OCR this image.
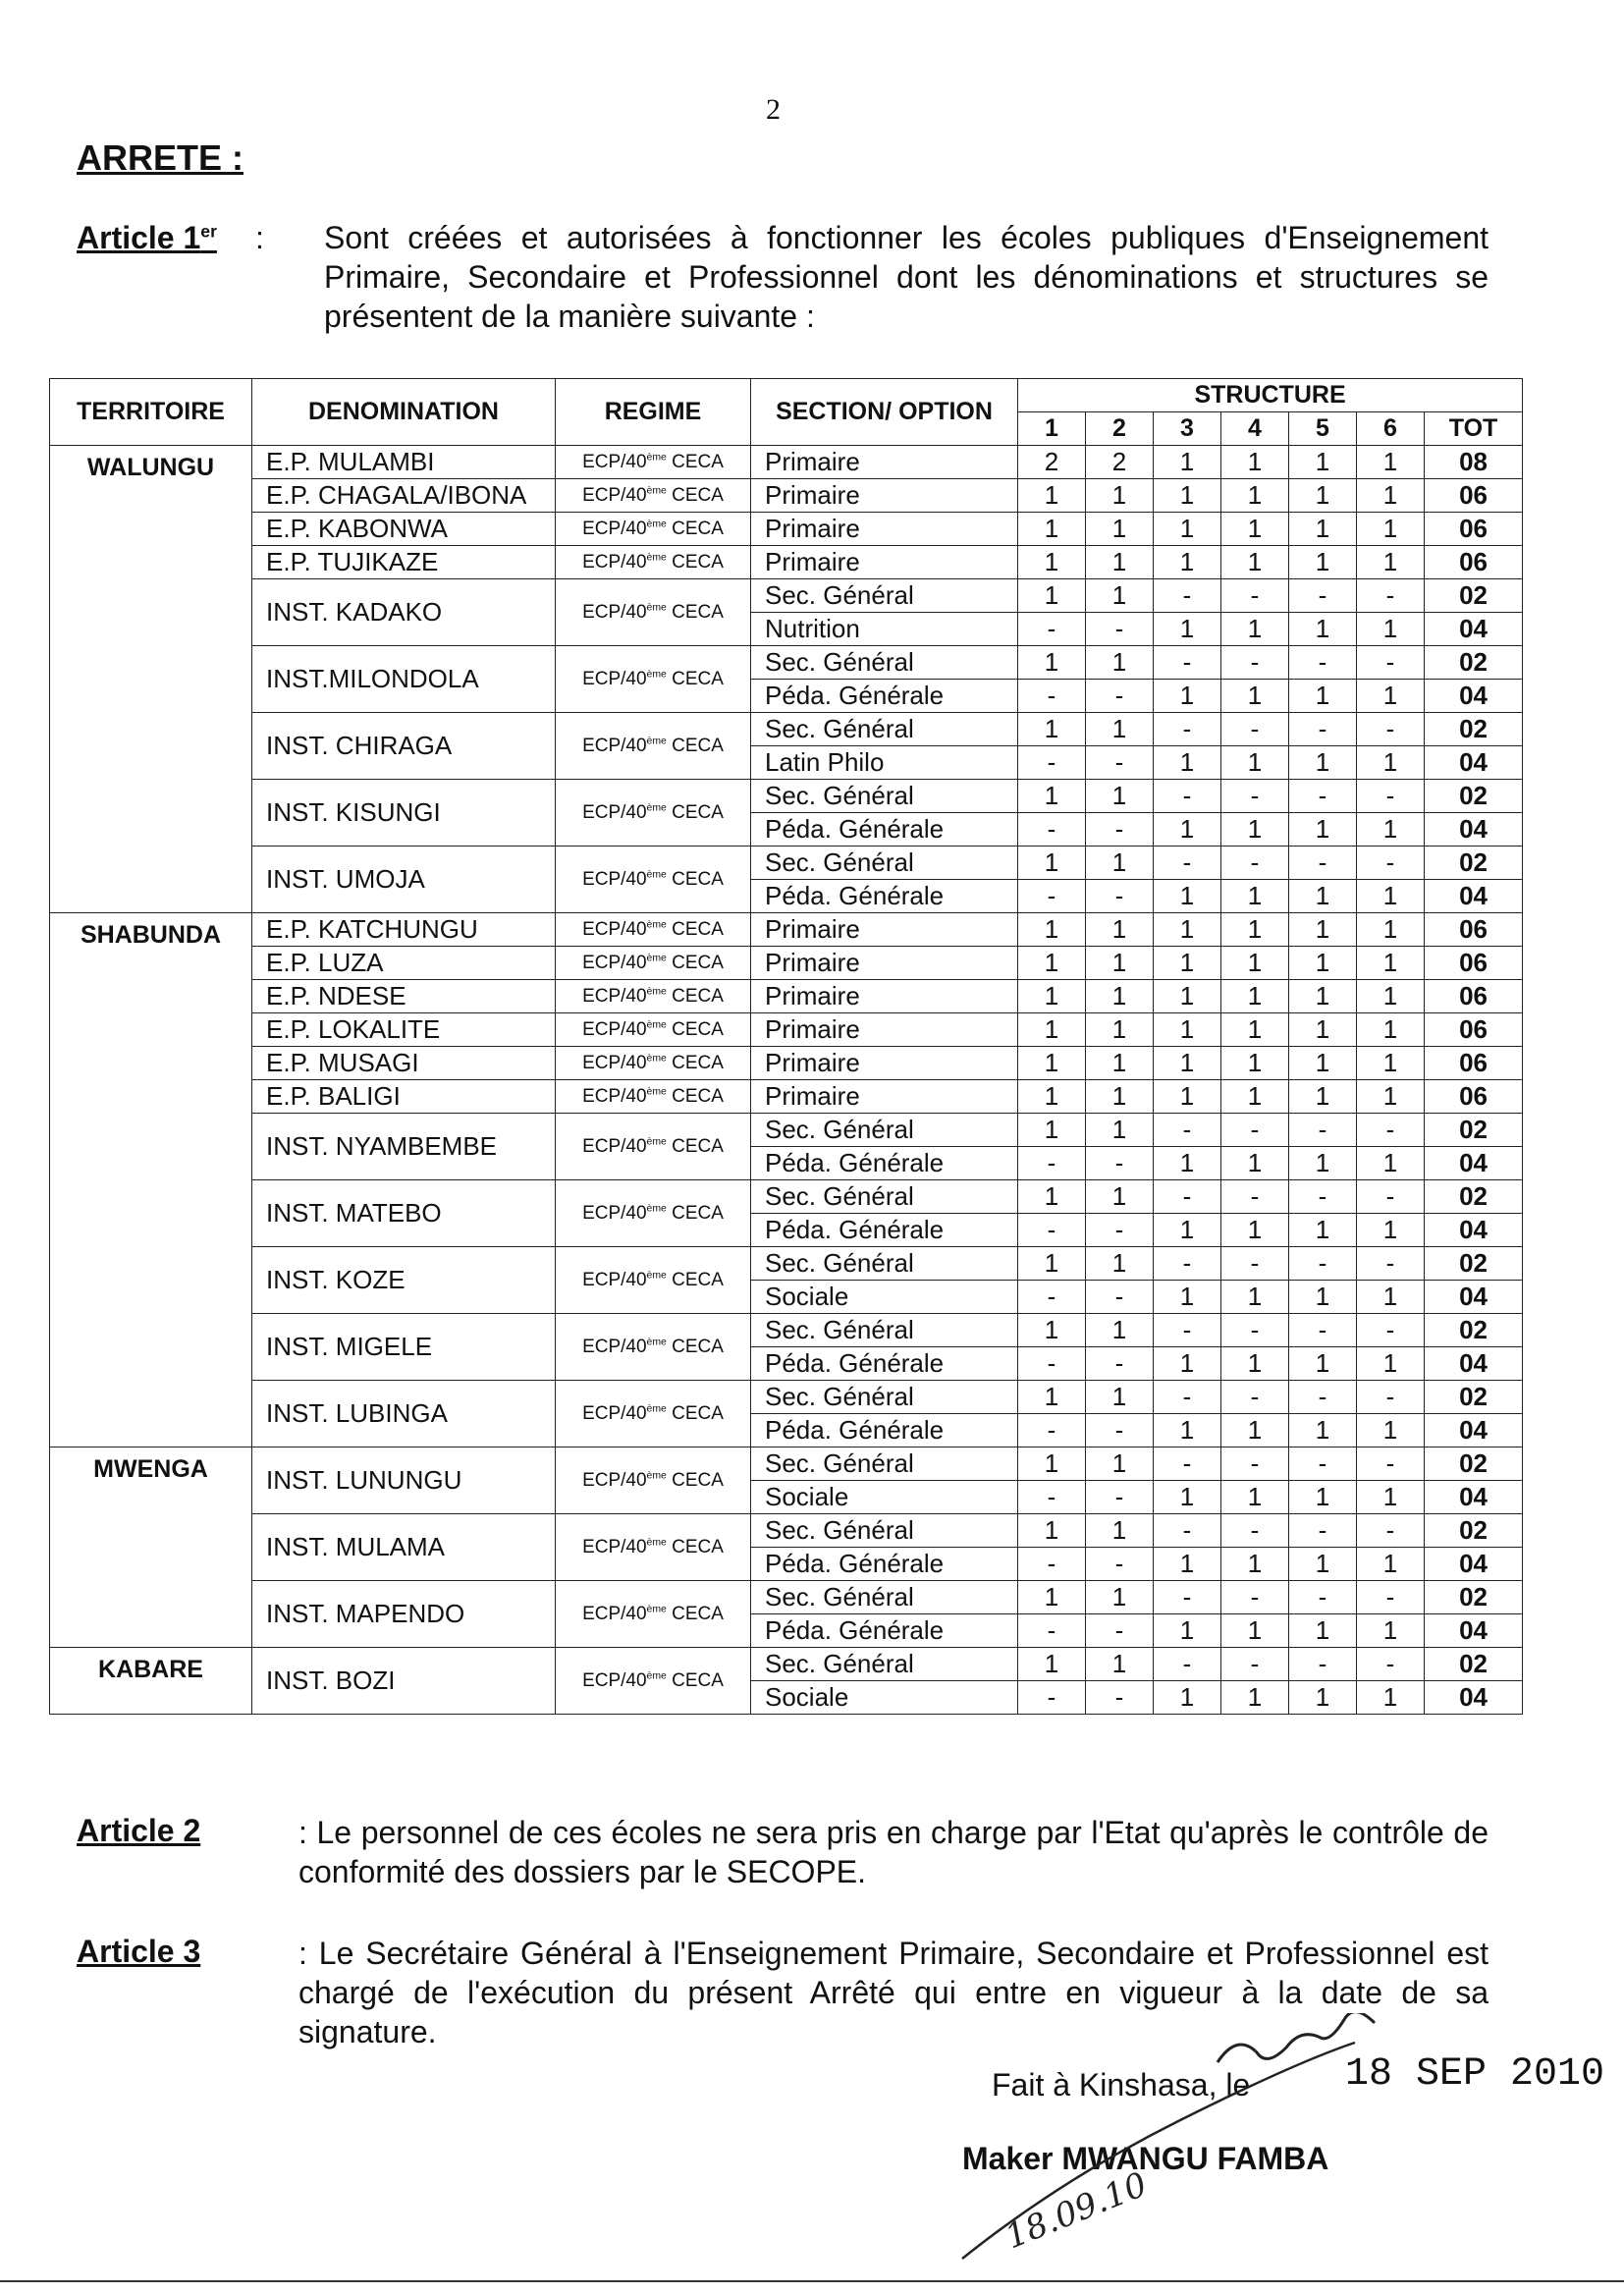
2
ARRETE :
Article 1er : Sont créées et autorisées à fonctionner les écoles publiques d'Enseignement Primaire, Secondaire et Professionnel dont les dénominations et structures se présentent de la manière suivante :
TERRITOIRE	DENOMINATION	REGIME	SECTION/ OPTION	STRUCTURE						
				1	2	3	4	5	6	TOT

WALUNGU	E.P. MULAMBI	ECP/40ème CECA	Primaire	2	2	1	1	1	1	08
	E.P. CHAGALA/IBONA	ECP/40ème CECA	Primaire	1	1	1	1	1	1	06
	E.P. KABONWA	ECP/40ème CECA	Primaire	1	1	1	1	1	1	06
	E.P. TUJIKAZE	ECP/40ème CECA	Primaire	1	1	1	1	1	1	06
	INST. KADAKO	ECP/40ème CECA	Sec. Général	1	1	-	-	-	-	02
			Nutrition	-	-	1	1	1	1	04
	INST.MILONDOLA	ECP/40ème CECA	Sec. Général	1	1	-	-	-	-	02
			Péda. Générale	-	-	1	1	1	1	04
	INST. CHIRAGA	ECP/40ème CECA	Sec. Général	1	1	-	-	-	-	02
			Latin Philo	-	-	1	1	1	1	04
	INST. KISUNGI	ECP/40ème CECA	Sec. Général	1	1	-	-	-	-	02
			Péda. Générale	-	-	1	1	1	1	04
	INST. UMOJA	ECP/40ème CECA	Sec. Général	1	1	-	-	-	-	02
			Péda. Générale	-	-	1	1	1	1	04

SHABUNDA	E.P. KATCHUNGU	ECP/40ème CECA	Primaire	1	1	1	1	1	1	06
	E.P. LUZA	ECP/40ème CECA	Primaire	1	1	1	1	1	1	06
	E.P. NDESE	ECP/40ème CECA	Primaire	1	1	1	1	1	1	06
	E.P. LOKALITE	ECP/40ème CECA	Primaire	1	1	1	1	1	1	06
	E.P. MUSAGI	ECP/40ème CECA	Primaire	1	1	1	1	1	1	06
	E.P. BALIGI	ECP/40ème CECA	Primaire	1	1	1	1	1	1	06
	INST. NYAMBEMBE	ECP/40ème CECA	Sec. Général	1	1	-	-	-	-	02
			Péda. Générale	-	-	1	1	1	1	04
	INST. MATEBO	ECP/40ème CECA	Sec. Général	1	1	-	-	-	-	02
			Péda. Générale	-	-	1	1	1	1	04
	INST. KOZE	ECP/40ème CECA	Sec. Général	1	1	-	-	-	-	02
			Sociale	-	-	1	1	1	1	04
	INST. MIGELE	ECP/40ème CECA	Sec. Général	1	1	-	-	-	-	02
			Péda. Générale	-	-	1	1	1	1	04
	INST. LUBINGA	ECP/40ème CECA	Sec. Général	1	1	-	-	-	-	02
			Péda. Générale	-	-	1	1	1	1	04

MWENGA	INST. LUNUNGU	ECP/40ème CECA	Sec. Général	1	1	-	-	-	-	02
			Sociale	-	-	1	1	1	1	04
	INST. MULAMA	ECP/40ème CECA	Sec. Général	1	1	-	-	-	-	02
			Péda. Générale	-	-	1	1	1	1	04
	INST. MAPENDO	ECP/40ème CECA	Sec. Général	1	1	-	-	-	-	02
			Péda. Générale	-	-	1	1	1	1	04

KABARE	INST. BOZI	ECP/40ème CECA	Sec. Général	1	1	-	-	-	-	02
			Sociale	-	-	1	1	1	1	04
Article 2	: Le personnel de ces écoles ne sera pris en charge par l'Etat qu'après le contrôle de conformité des dossiers par le SECOPE.
Article 3	: Le Secrétaire Général à l'Enseignement Primaire, Secondaire et Professionnel est chargé de l'exécution du présent Arrêté qui entre en vigueur à la date de sa signature.
Fait à Kinshasa, le 18 SEP 2010
Maker MWANGU FAMBA
18.09.10
